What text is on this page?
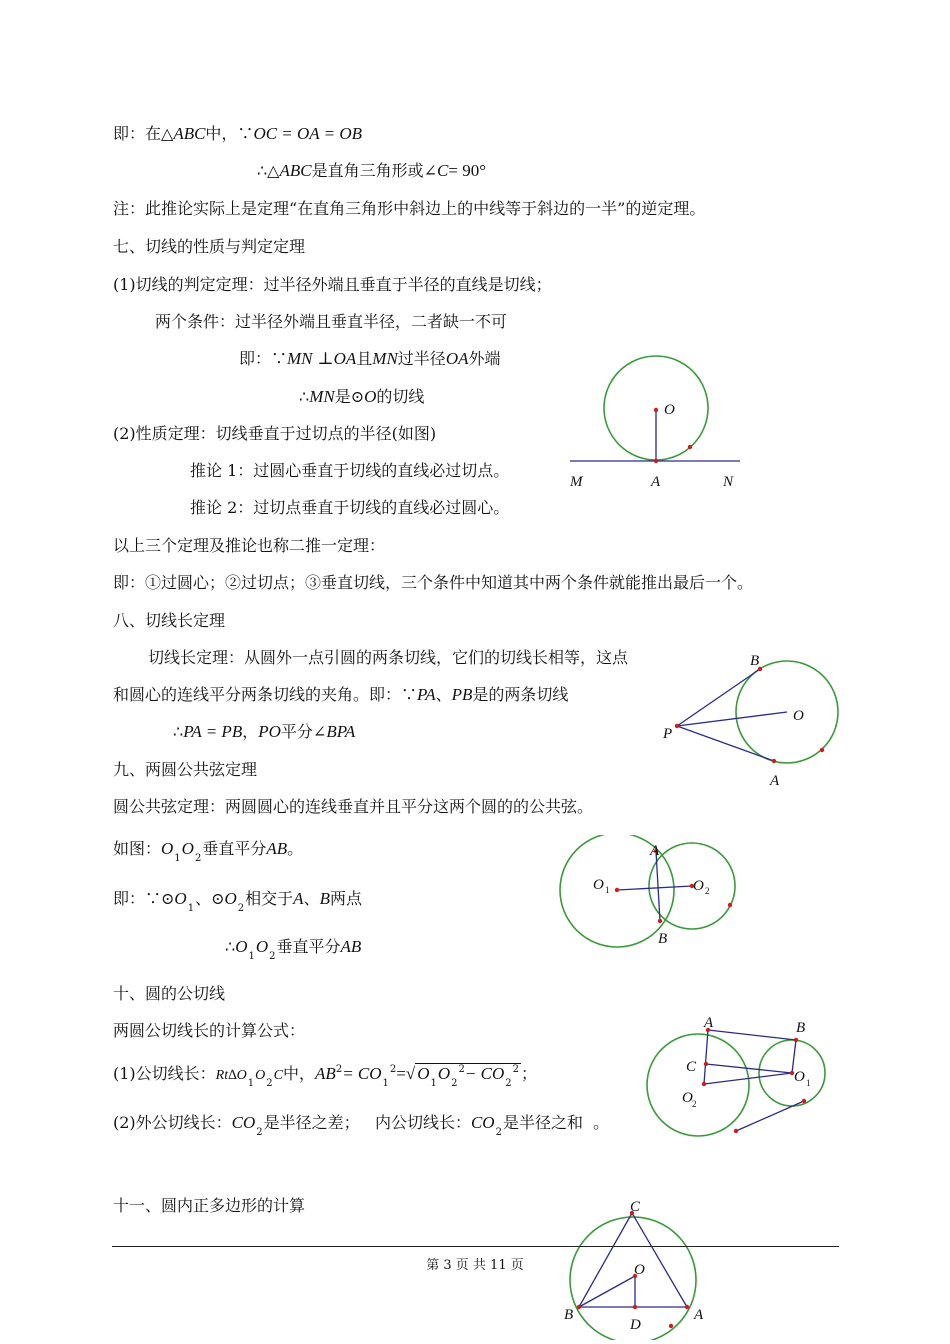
即：在△ABC中，∵OC = OA = OB
∴△ABC是直角三角形或∠C= 90°
注：此推论实际上是定理“在直角三角形中斜边上的中线等于斜边的一半”的逆定理。
七、切线的性质与判定定理
(1)切线的判定定理：过半径外端且垂直于半径的直线是切线；
两个条件：过半径外端且垂直半径，二者缺一不可
即：∵MN ⊥OA且MN过半径OA外端
∴MN是⊙O的切线
(2)性质定理：切线垂直于过切点的半径(如图)
推论 1：过圆心垂直于切线的直线必过切点。
推论 2：过切点垂直于切线的直线必过圆心。
以上三个定理及推论也称二推一定理：
即：①过圆心；②过切点；③垂直切线，三个条件中知道其中两个条件就能推出最后一个。
八、切线长定理
切线长定理：从圆外一点引圆的两条切线，它们的切线长相等，这点
和圆心的连线平分两条切线的夹角。即：∵PA、PB是的两条切线
∴PA = PB，PO平分∠BPA
九、两圆公共弦定理
圆公共弦定理：两圆圆心的连线垂直并且平分这两个圆的的公共弦。
如图：$O_1O_2$垂直平分AB。
即：$\because⊙O_1$、$⊙O_2$相交于A、B两点
$\therefore O_1O_2$垂直平分AB
十、圆的公切线
两圆公切线长的计算公式：
(1)公切线长：$Rt\Delta O_1O_2C$中，$AB^2= CO_1^2=√$ $O_1O_2^2- CO_2^2$ ；
(2)外公切线长：$CO_2$是半径之差； 内公切线长：$CO_2$是半径之和 。
十一、圆内正多边形的计算
O
M	A	N
B
O
P
A
A
O 1	O 2
B
A	B
C
O 1
O 2
C
O
B	A
D
第 3 页 共 11 页
